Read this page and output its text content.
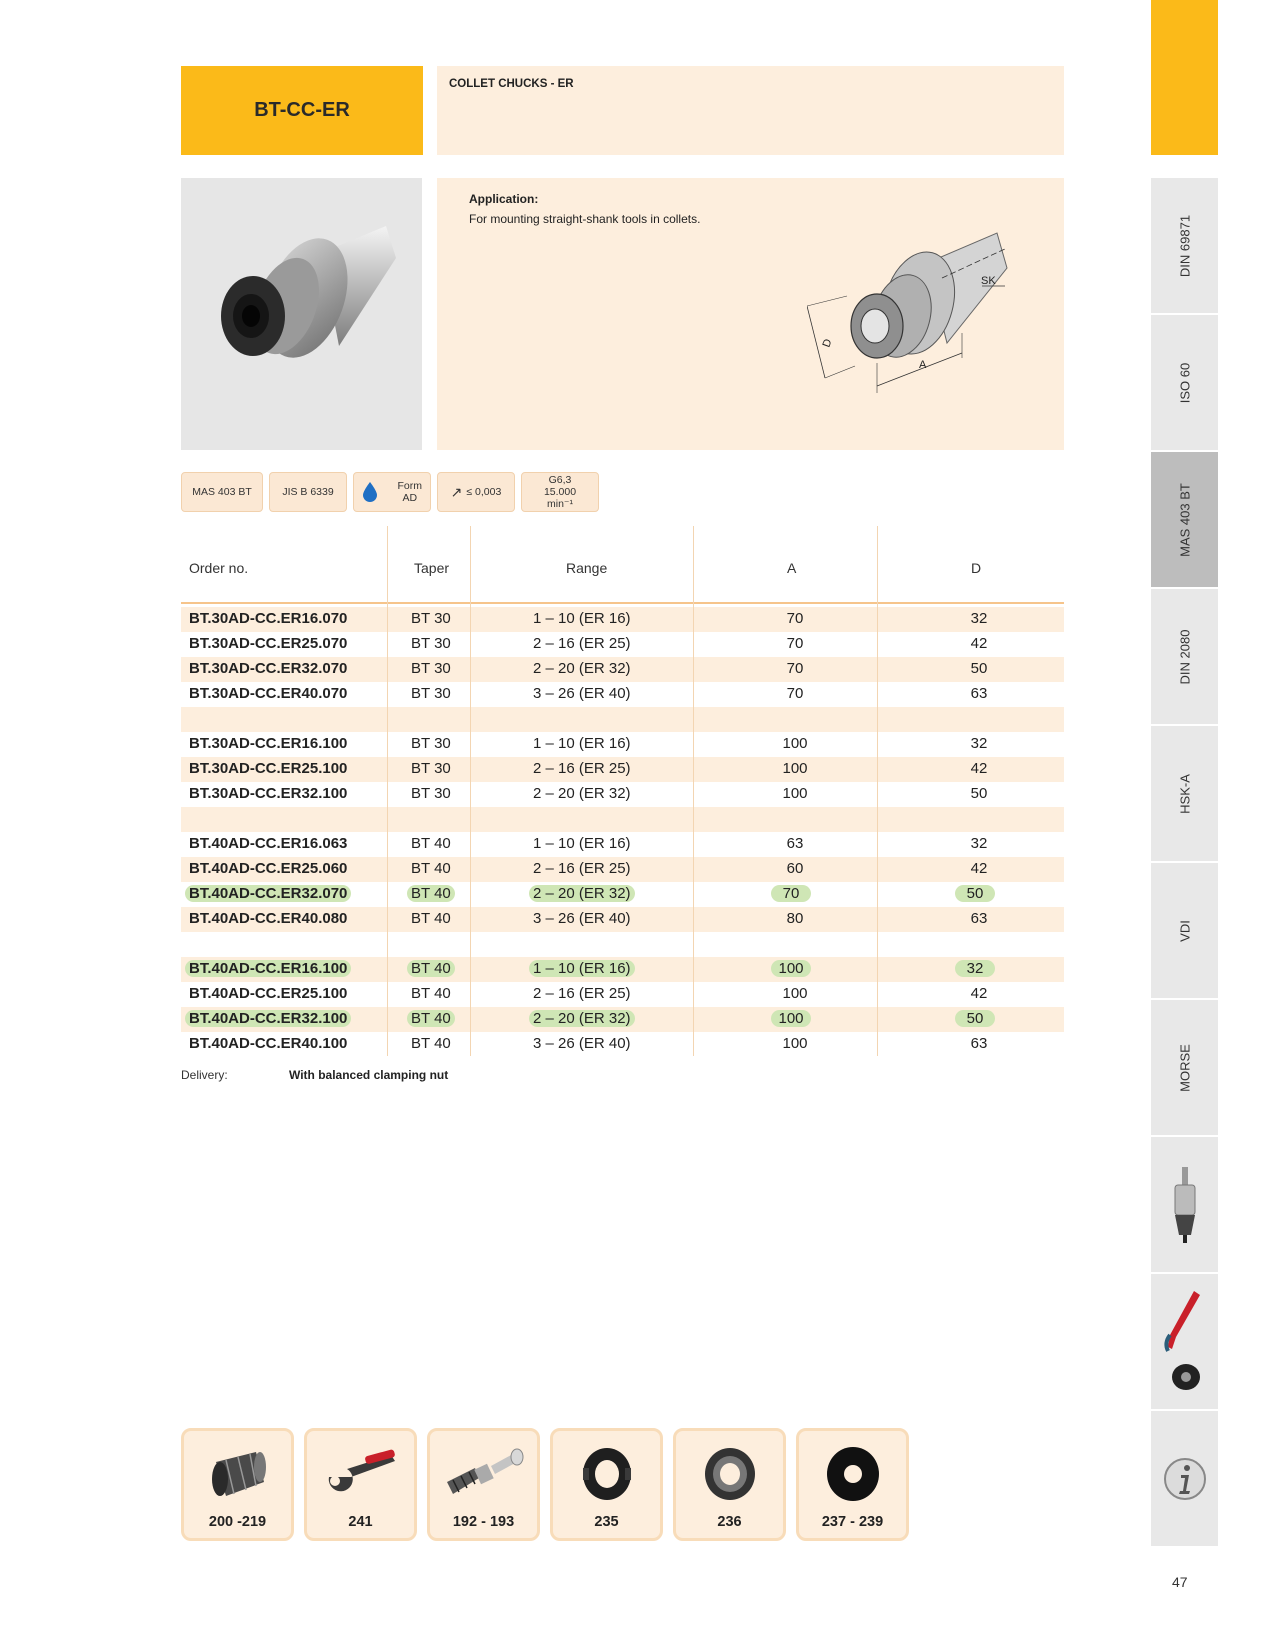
BT-CC-ER
COLLET CHUCKS - ER
Application:
For mounting straight-shank tools in collets.
SK
D
A
MAS 403 BT	JIS B 6339	Form
AD ↗ ≤ 0,003
G6,3
15.000 min⁻¹
Order no.	Taper	Range	A	D
BT.30AD-CC.ER16.070	BT 30	1 – 10 (ER 16)	70	32
BT.30AD-CC.ER25.070	BT 30	2 – 16 (ER 25)	70	42
BT.30AD-CC.ER32.070	BT 30	2 – 20 (ER 32)	70	50
BT.30AD-CC.ER40.070	BT 30	3 – 26 (ER 40)	70	63
BT.30AD-CC.ER16.100	BT 30	1 – 10 (ER 16)	100	32
BT.30AD-CC.ER25.100	BT 30	2 – 16 (ER 25)	100	42
BT.30AD-CC.ER32.100	BT 30	2 – 20 (ER 32)	100	50
BT.40AD-CC.ER16.063	BT 40	1 – 10 (ER 16)	63	32
BT.40AD-CC.ER25.060	BT 40	2 – 16 (ER 25)	60	42
BT.40AD-CC.ER32.070	BT 40	2 – 20 (ER 32)	70	50
BT.40AD-CC.ER40.080	BT 40	3 – 26 (ER 40)	80	63
BT.40AD-CC.ER16.100	BT 40	1 – 10 (ER 16)	100	32
BT.40AD-CC.ER25.100	BT 40	2 – 16 (ER 25)	100	42
BT.40AD-CC.ER32.100	BT 40	2 – 20 (ER 32)	100	50
BT.40AD-CC.ER40.100	BT 40	3 – 26 (ER 40)	100	63
Delivery:	With balanced clamping nut
200 -219	241	192 - 193	235	236	237 - 239
DIN 69871
ISO 60
MAS 403 BT
DIN 2080
HSK-A
VDI
MORSE
47
